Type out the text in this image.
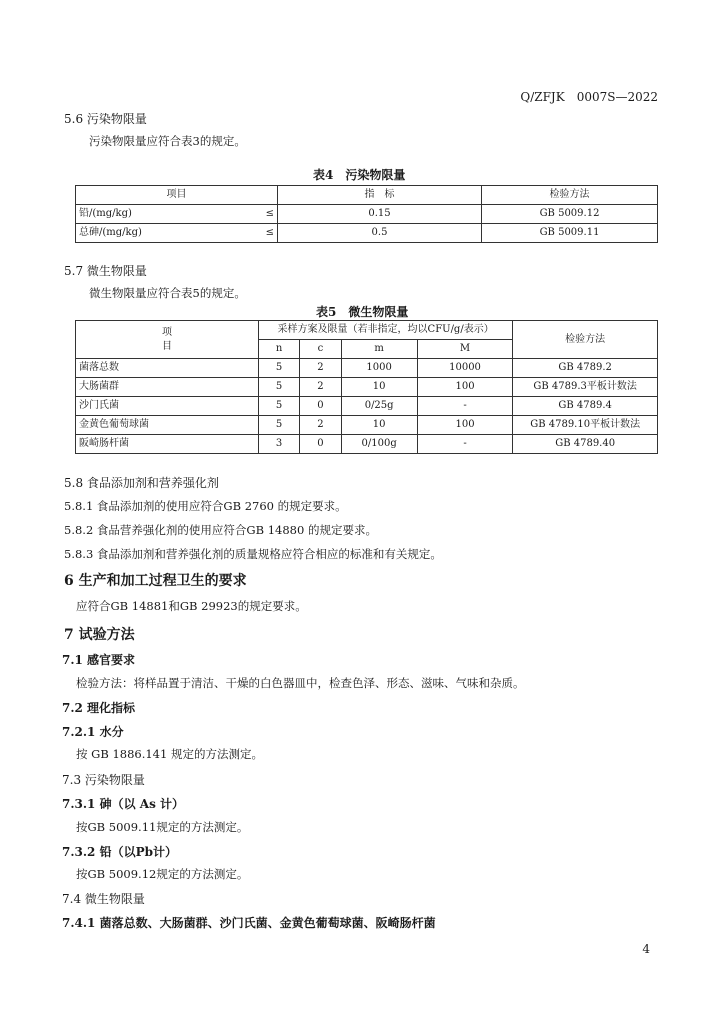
Q/ZFJK　0007S—2022
5.6 污染物限量
污染物限量应符合表3的规定。
表4　污染物限量
项目	指　标	检验方法

铅/(mg/kg) ≤	0.15	GB 5009.12

总砷/(mg/kg) ≤	0.5	GB 5009.11
5.7 微生物限量
微生物限量应符合表5的规定。
表5　微生物限量
项
目	采样方案及限量（若非指定，均以CFU/g/表示）				检验方法
	n	c	m	M	
菌落总数	5	2	1000	10000	GB 4789.2
大肠菌群	5	2	10	100	GB 4789.3平板计数法
沙门氏菌	5	0	0/25g	-	GB 4789.4
金黄色葡萄球菌	5	2	10	100	GB 4789.10平板计数法
阪崎肠杆菌	3	0	0/100g	-	GB 4789.40
5.8 食品添加剂和营养强化剂
5.8.1 食品添加剂的使用应符合GB 2760 的规定要求。
5.8.2 食品营养强化剂的使用应符合GB 14880 的规定要求。
5.8.3 食品添加剂和营养强化剂的质量规格应符合相应的标准和有关规定。
6 生产和加工过程卫生的要求
应符合GB 14881和GB 29923的规定要求。
7 试验方法
7.1 感官要求
检验方法：将样品置于清洁、干燥的白色器皿中，检查色泽、形态、滋味、气味和杂质。
7.2 理化指标
7.2.1 水分
按 GB 1886.141 规定的方法测定。
7.3 污染物限量
7.3.1 砷（以 As 计）
按GB 5009.11规定的方法测定。
7.3.2 铅（以Pb计）
按GB 5009.12规定的方法测定。
7.4 微生物限量
7.4.1 菌落总数、大肠菌群、沙门氏菌、金黄色葡萄球菌、阪崎肠杆菌
4
